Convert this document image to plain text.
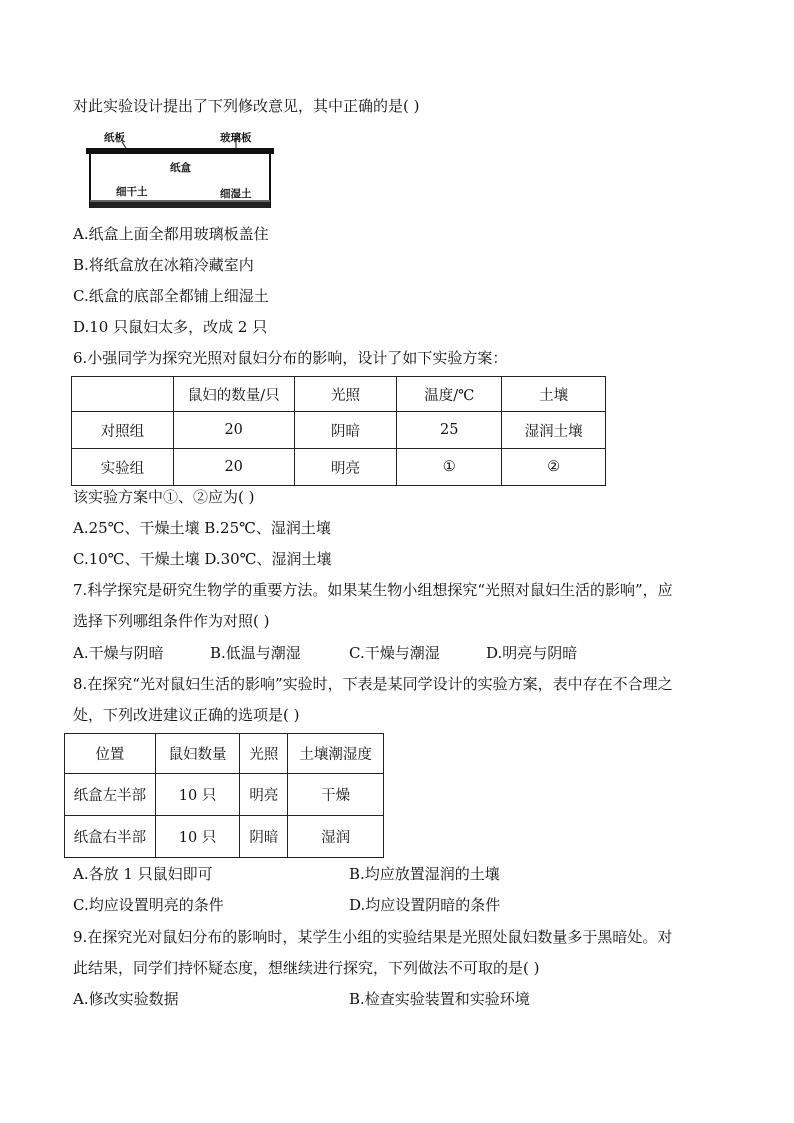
对此实验设计提出了下列修改意见，其中正确的是( )
纸板	玻璃板
纸盒
细干土	细湿土
A.纸盒上面全都用玻璃板盖住
B.将纸盒放在冰箱冷藏室内
C.纸盒的底部全都铺上细湿土
D.10 只鼠妇太多，改成 2 只
6.小强同学为探究光照对鼠妇分布的影响，设计了如下实验方案：
	鼠妇的数量/只	光照	温度/℃	土壤
对照组	20	阴暗	25	湿润土壤
实验组	20	明亮	①	②
该实验方案中①、②应为( )
A.25℃、干燥土壤 B.25℃、湿润土壤
C.10℃、干燥土壤 D.30℃、湿润土壤
7.科学探究是研究生物学的重要方法。如果某生物小组想探究“光照对鼠妇生活的影响”，应
选择下列哪组条件作为对照( )
A.干燥与阴暗	B.低温与潮湿	C.干燥与潮湿	D.明亮与阴暗
8.在探究“光对鼠妇生活的影响”实验时，下表是某同学设计的实验方案，表中存在不合理之
处，下列改进建议正确的选项是( )
位置	鼠妇数量	光照	土壤潮湿度
纸盒左半部	10 只	明亮	干燥
纸盒右半部	10 只	阴暗	湿润
A.各放 1 只鼠妇即可	B.均应放置湿润的土壤
C.均应设置明亮的条件	D.均应设置阴暗的条件
9.在探究光对鼠妇分布的影响时，某学生小组的实验结果是光照处鼠妇数量多于黑暗处。对
此结果，同学们持怀疑态度，想继续进行探究，下列做法不可取的是( )
A.修改实验数据	B.检查实验装置和实验环境
